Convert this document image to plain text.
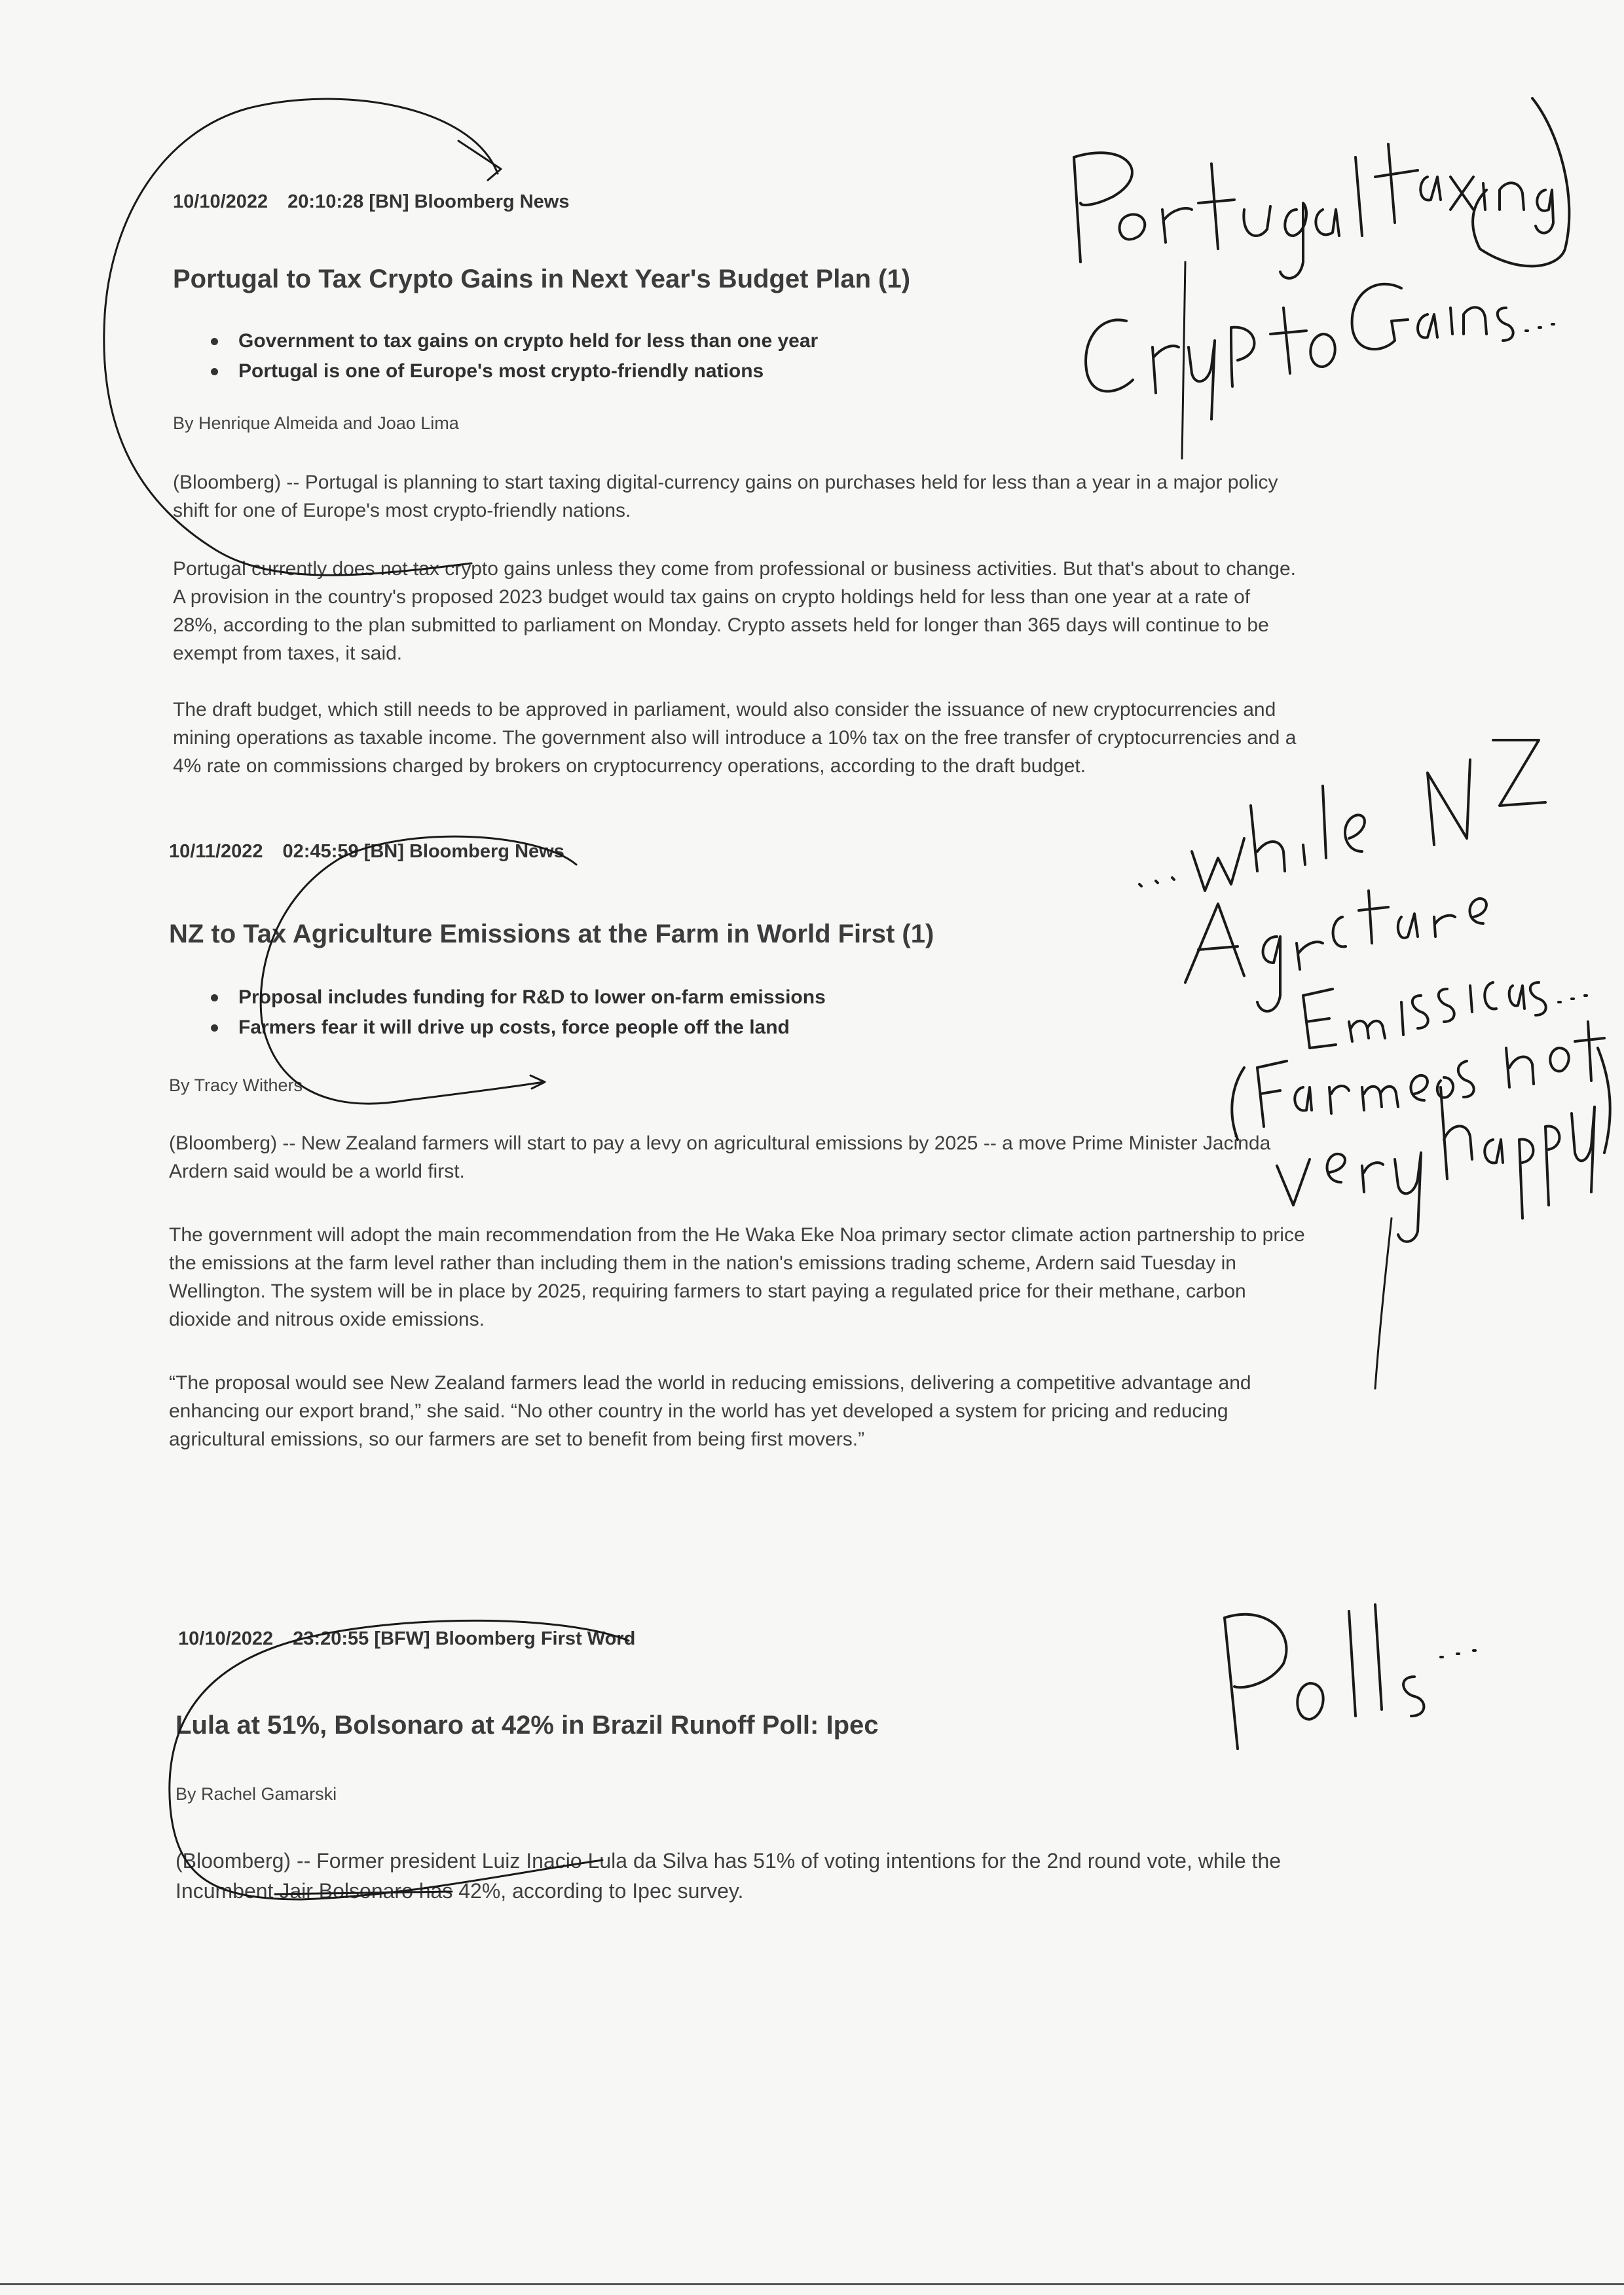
10/10/2022 20:10:28 [BN] Bloomberg News
Portugal to Tax Crypto Gains in Next Year's Budget Plan (1)
Government to tax gains on crypto held for less than one year
Portugal is one of Europe's most crypto-friendly nations
By Henrique Almeida and Joao Lima

(Bloomberg) -- Portugal is planning to start taxing digital-currency gains on purchases held for less than a year in a major policy shift for one of Europe's most crypto-friendly nations.

Portugal currently does not tax crypto gains unless they come from professional or business activities. But that's about to change. A provision in the country's proposed 2023 budget would tax gains on crypto holdings held for less than one year at a rate of 28%, according to the plan submitted to parliament on Monday. Crypto assets held for longer than 365 days will continue to be exempt from taxes, it said.

The draft budget, which still needs to be approved in parliament, would also consider the issuance of new cryptocurrencies and mining operations as taxable income. The government also will introduce a 10% tax on the free transfer of cryptocurrencies and a 4% rate on commissions charged by brokers on cryptocurrency operations, according to the draft budget.

10/11/2022 02:45:59 [BN] Bloomberg News
NZ to Tax Agriculture Emissions at the Farm in World First (1)
Proposal includes funding for R&D to lower on-farm emissions
Farmers fear it will drive up costs, force people off the land
By Tracy Withers

(Bloomberg) -- New Zealand farmers will start to pay a levy on agricultural emissions by 2025 -- a move Prime Minister Jacinda Ardern said would be a world first.

The government will adopt the main recommendation from the He Waka Eke Noa primary sector climate action partnership to price the emissions at the farm level rather than including them in the nation's emissions trading scheme, Ardern said Tuesday in Wellington. The system will be in place by 2025, requiring farmers to start paying a regulated price for their methane, carbon dioxide and nitrous oxide emissions.

“The proposal would see New Zealand farmers lead the world in reducing emissions, delivering a competitive advantage and enhancing our export brand,” she said. “No other country in the world has yet developed a system for pricing and reducing agricultural emissions, so our farmers are set to benefit from being first movers.”

10/10/2022 23:20:55 [BFW] Bloomberg First Word
Lula at 51%, Bolsonaro at 42% in Brazil Runoff Poll: Ipec
By Rachel Gamarski

(Bloomberg) -- Former president Luiz Inacio Lula da Silva has 51% of voting intentions for the 2nd round vote, while the Incumbent Jair Bolsonaro has 42%, according to Ipec survey.
